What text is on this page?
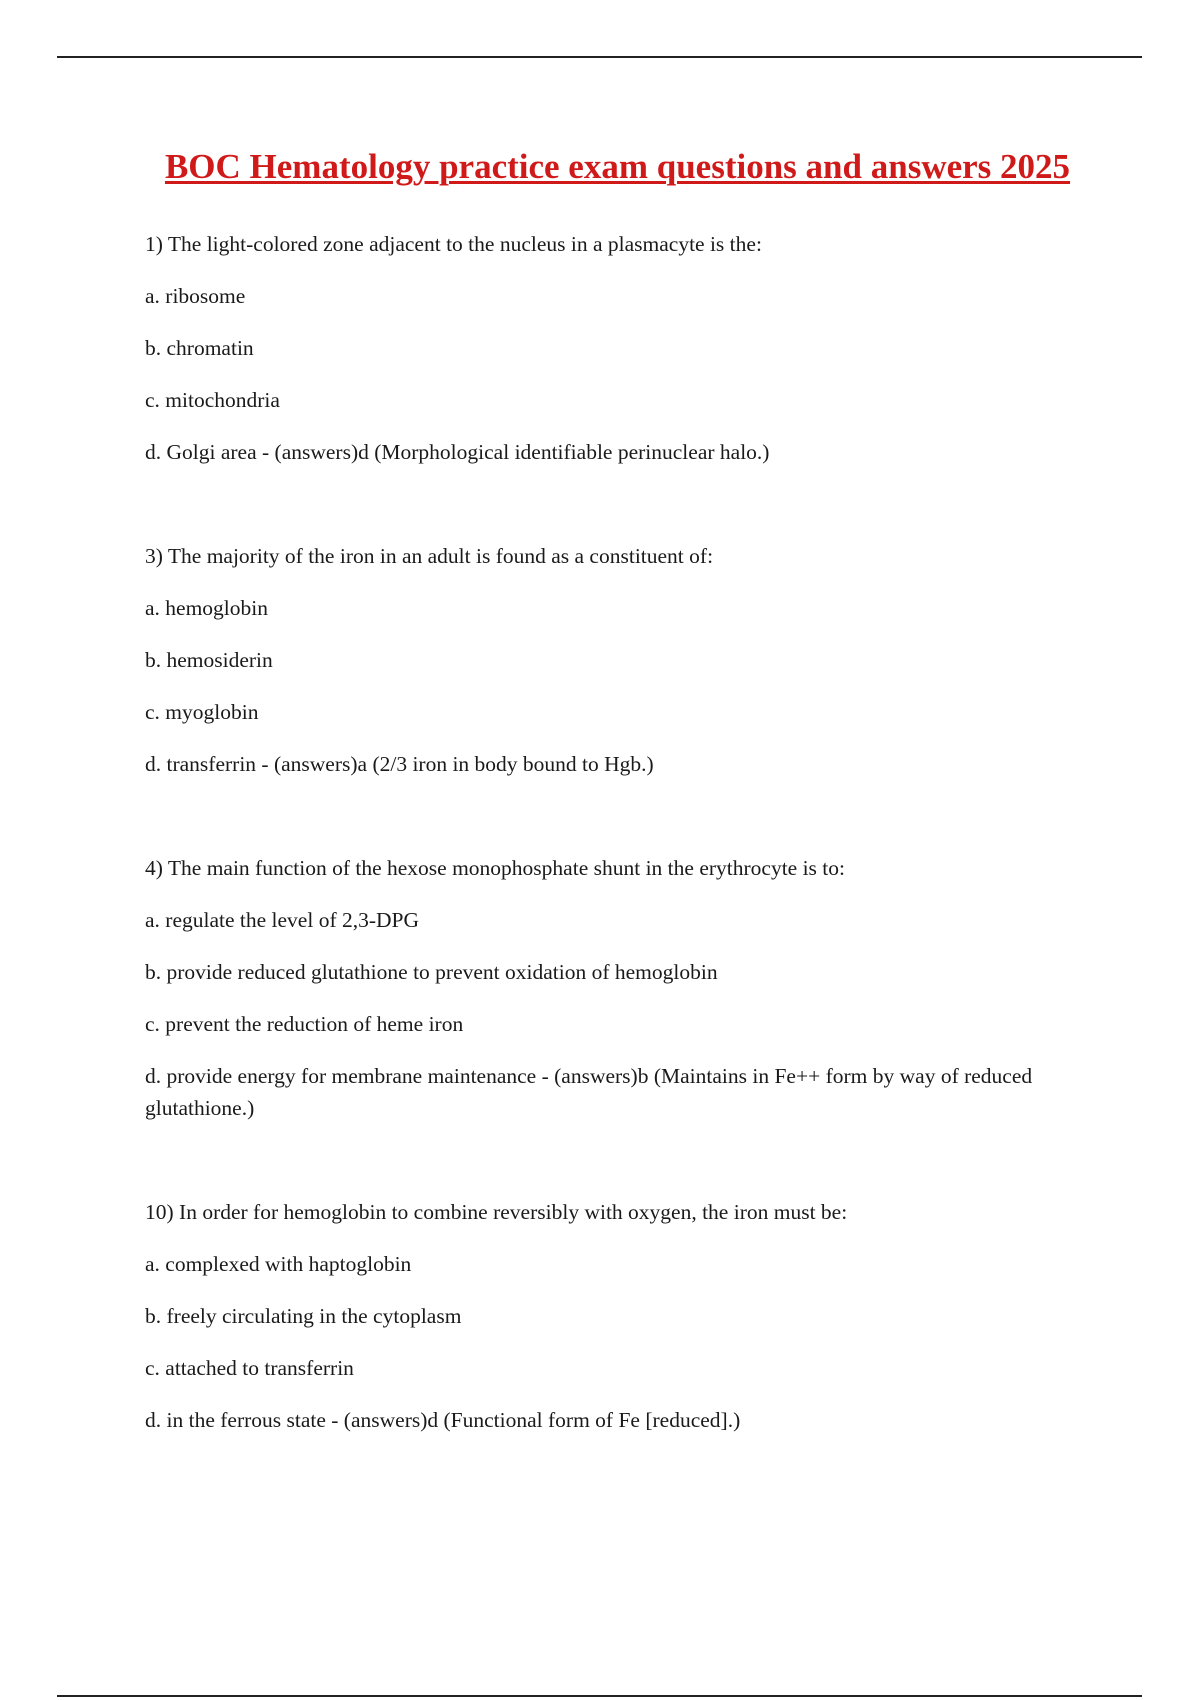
BOC Hematology practice exam questions and answers 2025

1) The light-colored zone adjacent to the nucleus in a plasmacyte is the:

a. ribosome

b. chromatin

c. mitochondria

d. Golgi area - (answers)d (Morphological identifiable perinuclear halo.)

3) The majority of the iron in an adult is found as a constituent of:

a. hemoglobin

b. hemosiderin

c. myoglobin

d. transferrin - (answers)a (2/3 iron in body bound to Hgb.)

4) The main function of the hexose monophosphate shunt in the erythrocyte is to:

a. regulate the level of 2,3-DPG

b. provide reduced glutathione to prevent oxidation of hemoglobin

c. prevent the reduction of heme iron

d. provide energy for membrane maintenance - (answers)b (Maintains in Fe++ form by way of reduced glutathione.)

10) In order for hemoglobin to combine reversibly with oxygen, the iron must be:

a. complexed with haptoglobin

b. freely circulating in the cytoplasm

c. attached to transferrin

d. in the ferrous state - (answers)d (Functional form of Fe [reduced].)
